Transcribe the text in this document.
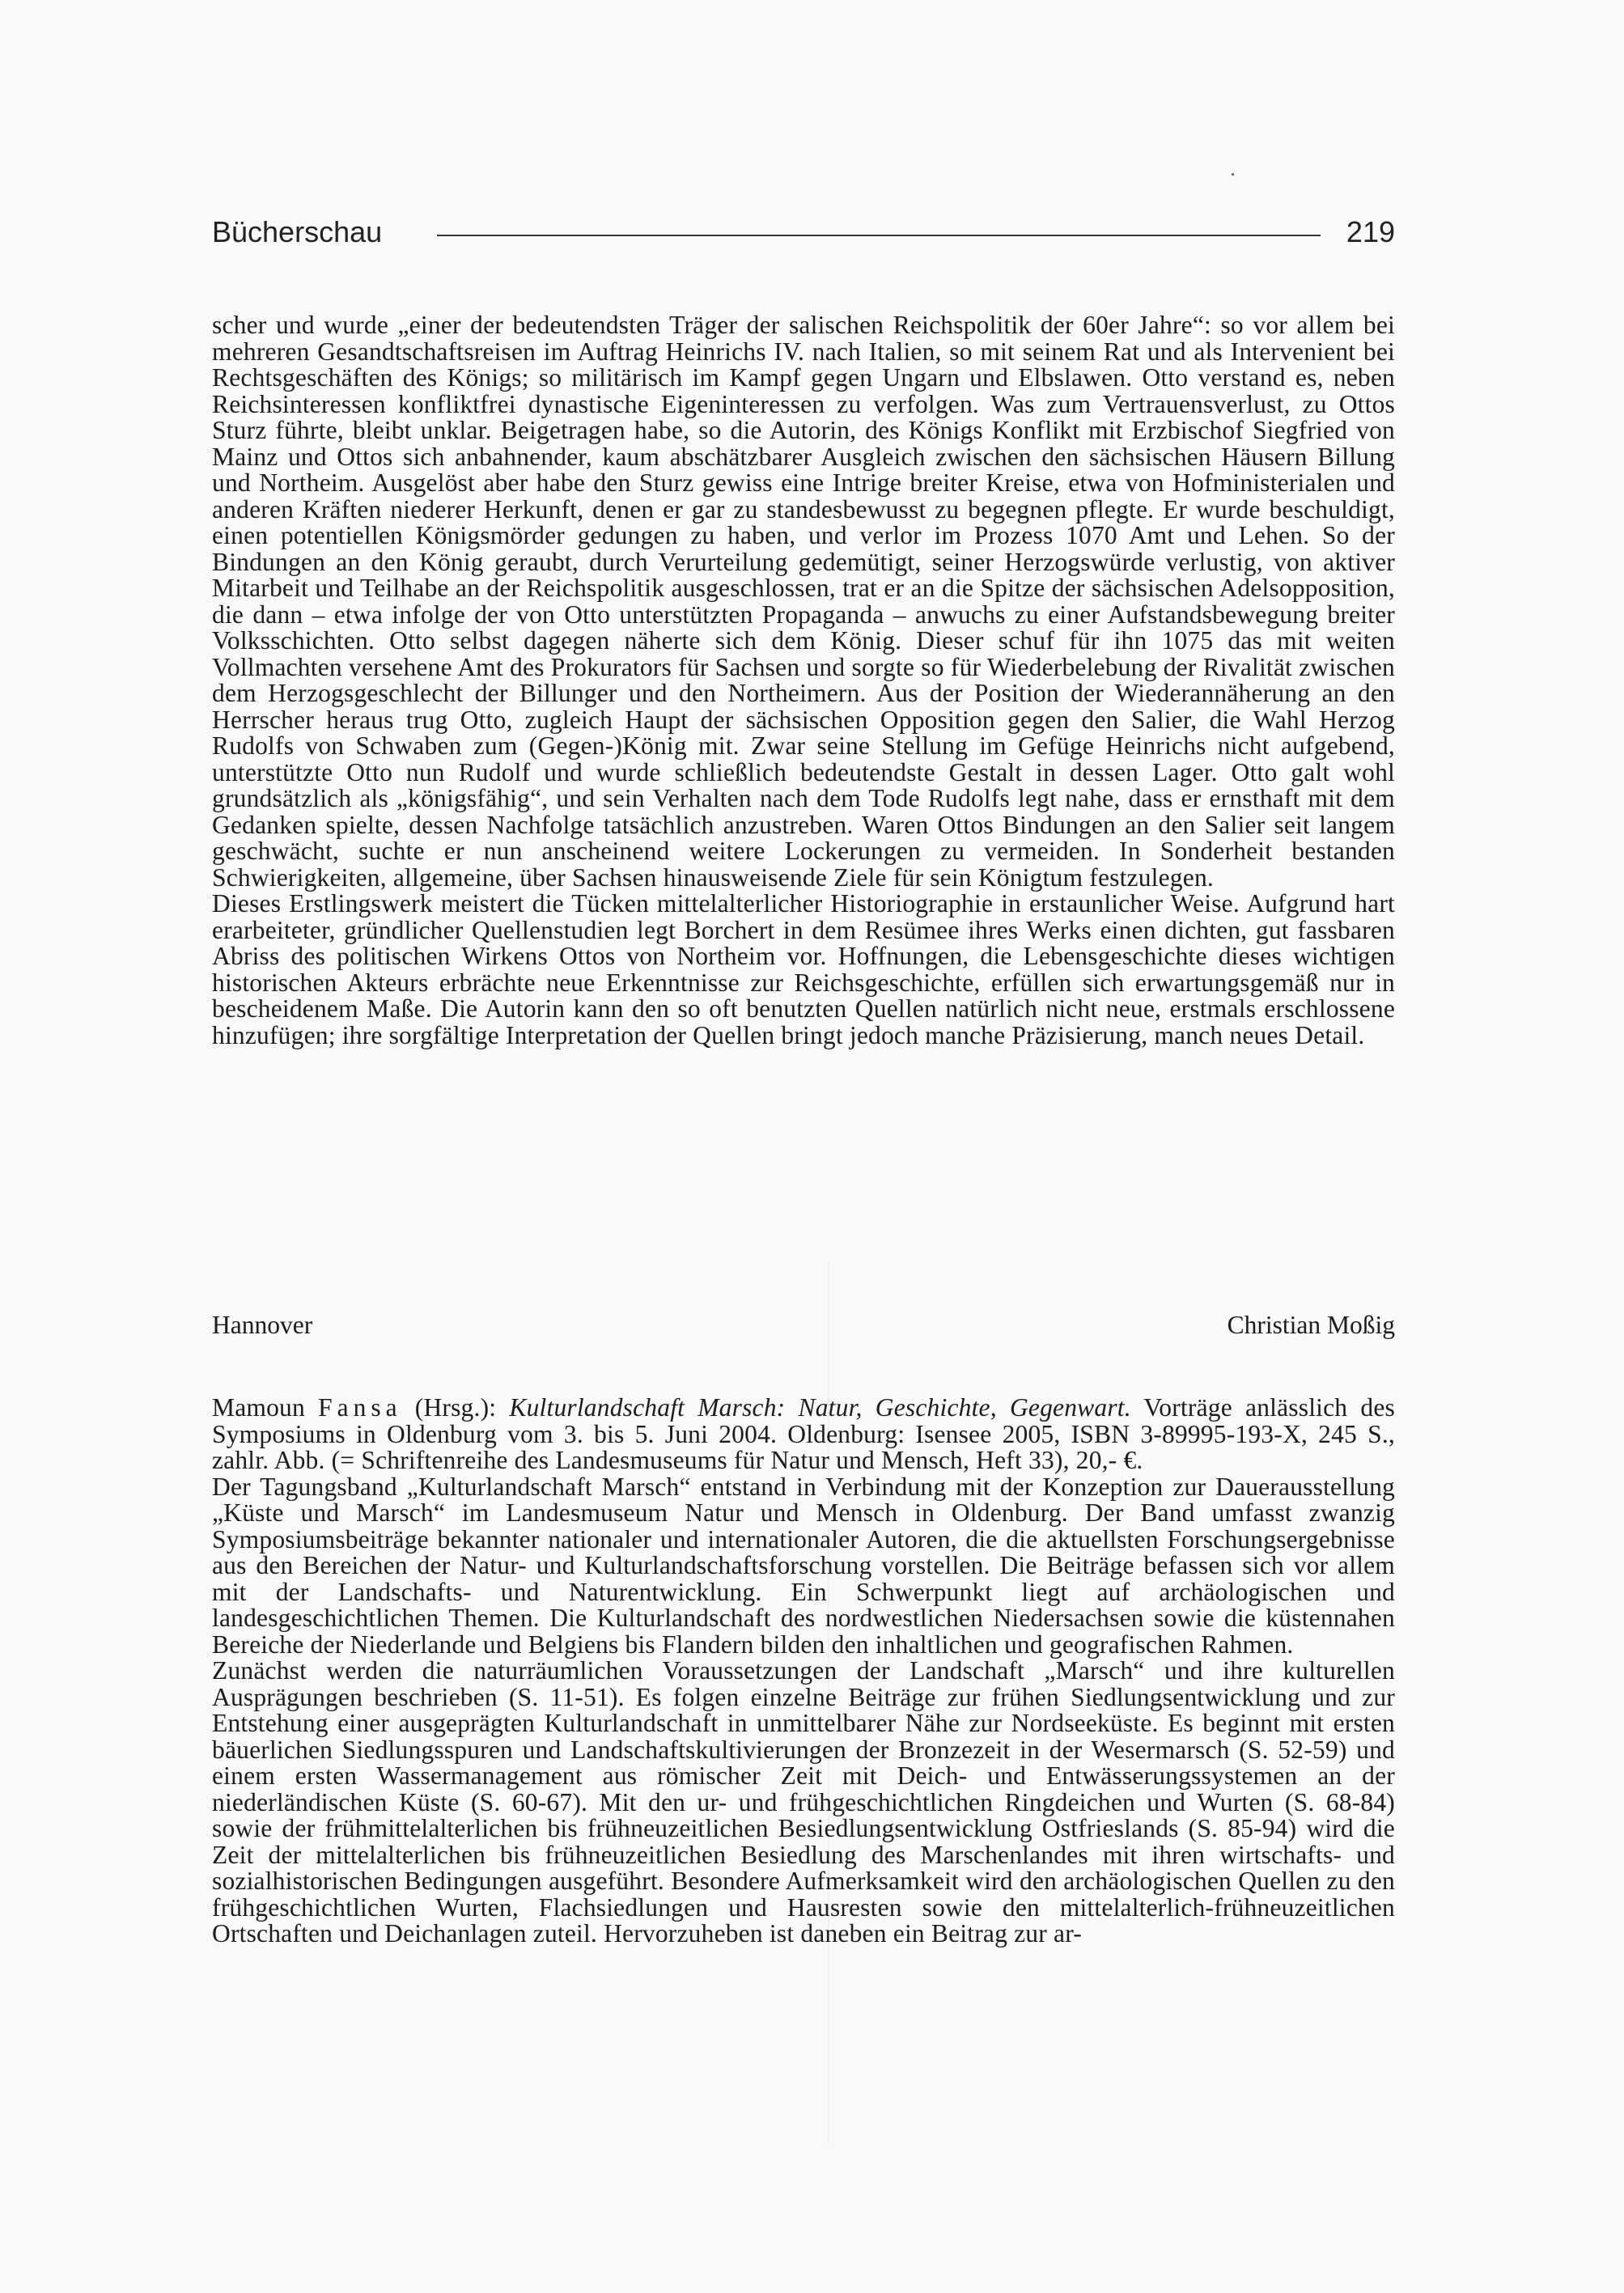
Bücherschau	219

scher und wurde „einer der bedeutendsten Träger der salischen Reichspolitik der 60er Jahre“: so vor allem bei mehreren Gesandtschaftsreisen im Auftrag Heinrichs IV. nach Italien, so mit seinem Rat und als Intervenient bei Rechtsgeschäften des Königs; so militärisch im Kampf gegen Ungarn und Elbslawen. Otto verstand es, neben Reichsinteressen konfliktfrei dynastische Eigeninteressen zu verfolgen. Was zum Vertrauensverlust, zu Ottos Sturz führte, bleibt unklar. Beigetragen habe, so die Autorin, des Königs Konflikt mit Erzbischof Siegfried von Mainz und Ottos sich anbahnender, kaum abschätzbarer Ausgleich zwischen den sächsischen Häusern Billung und Northeim. Ausgelöst aber habe den Sturz gewiss eine Intrige breiter Kreise, etwa von Hofministerialen und anderen Kräften niederer Herkunft, denen er gar zu standesbewusst zu begegnen pflegte. Er wurde beschuldigt, einen potentiellen Königsmörder gedungen zu haben, und verlor im Prozess 1070 Amt und Lehen. So der Bindungen an den König geraubt, durch Verurteilung gedemütigt, seiner Herzogswürde verlustig, von aktiver Mitarbeit und Teilhabe an der Reichspolitik ausgeschlossen, trat er an die Spitze der sächsischen Adelsopposition, die dann – etwa infolge der von Otto unterstützten Propaganda – anwuchs zu einer Aufstandsbewegung breiter Volksschichten. Otto selbst dagegen näherte sich dem König. Dieser schuf für ihn 1075 das mit weiten Vollmachten versehene Amt des Prokurators für Sachsen und sorgte so für Wiederbelebung der Rivalität zwischen dem Herzogsgeschlecht der Billunger und den Northeimern. Aus der Position der Wiederannäherung an den Herrscher heraus trug Otto, zugleich Haupt der sächsischen Opposition gegen den Salier, die Wahl Herzog Rudolfs von Schwaben zum (Gegen-)König mit. Zwar seine Stellung im Gefüge Heinrichs nicht aufgebend, unterstützte Otto nun Rudolf und wurde schließlich bedeutendste Gestalt in dessen Lager. Otto galt wohl grundsätzlich als „königsfähig“, und sein Verhalten nach dem Tode Rudolfs legt nahe, dass er ernsthaft mit dem Gedanken spielte, dessen Nachfolge tatsächlich anzustreben. Waren Ottos Bindungen an den Salier seit langem geschwächt, suchte er nun anscheinend weitere Lockerungen zu vermeiden. In Sonderheit bestanden Schwierigkeiten, allgemeine, über Sachsen hinausweisende Ziele für sein Königtum festzulegen.

Dieses Erstlingswerk meistert die Tücken mittelalterlicher Historiographie in erstaunlicher Weise. Aufgrund hart erarbeiteter, gründlicher Quellenstudien legt Borchert in dem Resümee ihres Werks einen dichten, gut fassbaren Abriss des politischen Wirkens Ottos von Northeim vor. Hoffnungen, die Lebensgeschichte dieses wichtigen historischen Akteurs erbrächte neue Erkenntnisse zur Reichsgeschichte, erfüllen sich erwartungsgemäß nur in bescheidenem Maße. Die Autorin kann den so oft benutzten Quellen natürlich nicht neue, erstmals erschlossene hinzufügen; ihre sorgfältige Interpretation der Quellen bringt jedoch manche Präzisierung, manch neues Detail.

Hannover	Christian Moßig

Mamoun Fansa (Hrsg.): Kulturlandschaft Marsch: Natur, Geschichte, Gegenwart. Vorträge anlässlich des Symposiums in Oldenburg vom 3. bis 5. Juni 2004. Oldenburg: Isensee 2005, ISBN 3-89995-193-X, 245 S., zahlr. Abb. (= Schriftenreihe des Landesmuseums für Natur und Mensch, Heft 33), 20,- €.

Der Tagungsband „Kulturlandschaft Marsch“ entstand in Verbindung mit der Konzeption zur Dauerausstellung „Küste und Marsch“ im Landesmuseum Natur und Mensch in Oldenburg. Der Band umfasst zwanzig Symposiumsbeiträge bekannter nationaler und internationaler Autoren, die die aktuellsten Forschungsergebnisse aus den Bereichen der Natur- und Kulturlandschaftsforschung vorstellen. Die Beiträge befassen sich vor allem mit der Landschafts- und Naturentwicklung. Ein Schwerpunkt liegt auf archäologischen und landesgeschichtlichen Themen. Die Kulturlandschaft des nordwestlichen Niedersachsen sowie die küstennahen Bereiche der Niederlande und Belgiens bis Flandern bilden den inhaltlichen und geografischen Rahmen.

Zunächst werden die naturräumlichen Voraussetzungen der Landschaft „Marsch“ und ihre kulturellen Ausprägungen beschrieben (S. 11-51). Es folgen einzelne Beiträge zur frühen Siedlungsentwicklung und zur Entstehung einer ausgeprägten Kulturlandschaft in unmittelbarer Nähe zur Nordseeküste. Es beginnt mit ersten bäuerlichen Siedlungsspuren und Landschaftskultivierungen der Bronzezeit in der Wesermarsch (S. 52-59) und einem ersten Wassermanagement aus römischer Zeit mit Deich- und Entwässerungssystemen an der niederländischen Küste (S. 60-67). Mit den ur- und frühgeschichtlichen Ringdeichen und Wurten (S. 68-84) sowie der frühmittelalterlichen bis frühneuzeitlichen Besiedlungsentwicklung Ostfrieslands (S. 85-94) wird die Zeit der mittelalterlichen bis frühneuzeitlichen Besiedlung des Marschenlandes mit ihren wirtschafts- und sozialhistorischen Bedingungen ausgeführt. Besondere Aufmerksamkeit wird den archäologischen Quellen zu den frühgeschichtlichen Wurten, Flachsiedlungen und Hausresten sowie den mittelalterlich-frühneuzeitlichen Ortschaften und Deichanlagen zuteil. Hervorzuheben ist daneben ein Beitrag zur ar-
